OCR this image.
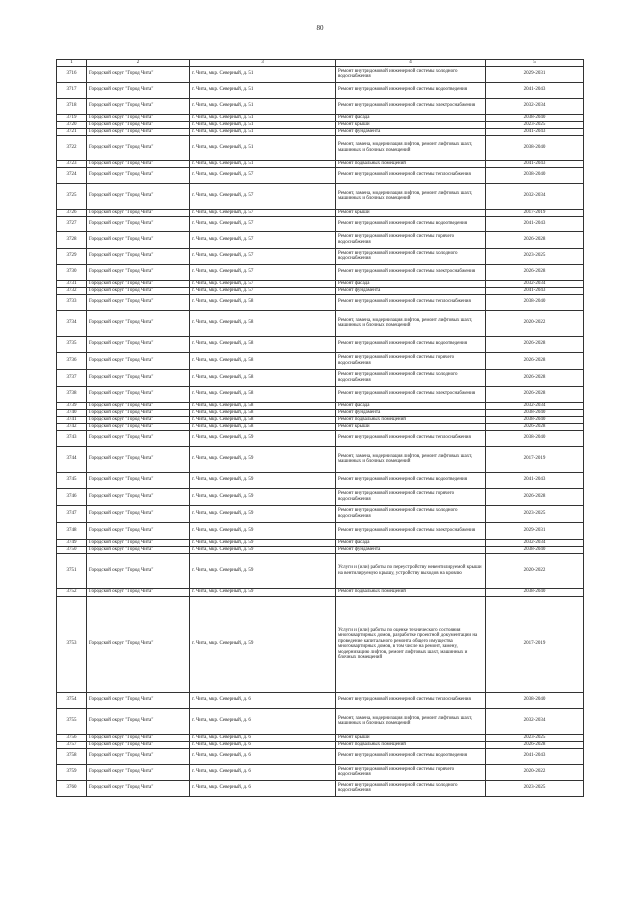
80
1	2	3	4	5
3716	Городской округ "Город Чита"	г. Чита, мкр. Северный, д. 51	Ремонт внутридомовой инженерной системы холодного водоснабжения	2029-2031
3717	Городской округ "Город Чита"	г. Чита, мкр. Северный, д. 51	Ремонт внутридомовой инженерной системы водоотведения	2041-2043
3718	Городской округ "Город Чита"	г. Чита, мкр. Северный, д. 51	Ремонт внутридомовой инженерной системы электроснабжения	2032-2034
3719	Городской округ "Город Чита"	г. Чита, мкр. Северный, д. 51	Ремонт фасада	2038-2040
3720	Городской округ "Город Чита"	г. Чита, мкр. Северный, д. 51	Ремонт крыши	2023-2025
3721	Городской округ "Город Чита"	г. Чита, мкр. Северный, д. 51	Ремонт фундамента	2041-2043
3722	Городской округ "Город Чита"	г. Чита, мкр. Северный, д. 51	Ремонт, замена, модернизация лифтов, ремонт лифтовых шахт, машинных и блочных помещений	2038-2040
3723	Городской округ "Город Чита"	г. Чита, мкр. Северный, д. 51	Ремонт подвальных помещений	2041-2043
3724	Городской округ "Город Чита"	г. Чита, мкр. Северный, д. 57	Ремонт внутридомовой инженерной системы теплоснабжения	2038-2040
3725	Городской округ "Город Чита"	г. Чита, мкр. Северный, д. 57	Ремонт, замена, модернизация лифтов, ремонт лифтовых шахт, машинных и блочных помещений	2032-2034
3726	Городской округ "Город Чита"	г. Чита, мкр. Северный, д. 57	Ремонт крыши	2017-2019
3727	Городской округ "Город Чита"	г. Чита, мкр. Северный, д. 57	Ремонт внутридомовой инженерной системы водоотведения	2041-2043
3728	Городской округ "Город Чита"	г. Чита, мкр. Северный, д. 57	Ремонт внутридомовой инженерной системы горячего водоснабжения	2026-2028
3729	Городской округ "Город Чита"	г. Чита, мкр. Северный, д. 57	Ремонт внутридомовой инженерной системы холодного водоснабжения	2023-2025
3730	Городской округ "Город Чита"	г. Чита, мкр. Северный, д. 57	Ремонт внутридомовой инженерной системы электроснабжения	2026-2028
3731	Городской округ "Город Чита"	г. Чита, мкр. Северный, д. 57	Ремонт фасада	2032-2034
3732	Городской округ "Город Чита"	г. Чита, мкр. Северный, д. 57	Ремонт фундамента	2041-2043
3733	Городской округ "Город Чита"	г. Чита, мкр. Северный, д. 58	Ремонт внутридомовой инженерной системы теплоснабжения	2038-2040
3734	Городской округ "Город Чита"	г. Чита, мкр. Северный, д. 58	Ремонт, замена, модернизация лифтов, ремонт лифтовых шахт, машинных и блочных помещений	2020-2022
3735	Городской округ "Город Чита"	г. Чита, мкр. Северный, д. 58	Ремонт внутридомовой инженерной системы водоотведения	2026-2028
3736	Городской округ "Город Чита"	г. Чита, мкр. Северный, д. 58	Ремонт внутридомовой инженерной системы горячего водоснабжения	2026-2028
3737	Городской округ "Город Чита"	г. Чита, мкр. Северный, д. 58	Ремонт внутридомовой инженерной системы холодного водоснабжения	2026-2028
3738	Городской округ "Город Чита"	г. Чита, мкр. Северный, д. 58	Ремонт внутридомовой инженерной системы электроснабжения	2026-2028
3739	Городской округ "Город Чита"	г. Чита, мкр. Северный, д. 58	Ремонт фасада	2032-2034
3740	Городской округ "Город Чита"	г. Чита, мкр. Северный, д. 58	Ремонт фундамента	2038-2040
3741	Городской округ "Город Чита"	г. Чита, мкр. Северный, д. 58	Ремонт подвальных помещений	2038-2040
3742	Городской округ "Город Чита"	г. Чита, мкр. Северный, д. 58	Ремонт крыши	2026-2028
3743	Городской округ "Город Чита"	г. Чита, мкр. Северный, д. 59	Ремонт внутридомовой инженерной системы теплоснабжения	2038-2040
3744	Городской округ "Город Чита"	г. Чита, мкр. Северный, д. 59	Ремонт, замена, модернизация лифтов, ремонт лифтовых шахт, машинных и блочных помещений	2017-2019
3745	Городской округ "Город Чита"	г. Чита, мкр. Северный, д. 59	Ремонт внутридомовой инженерной системы водоотведения	2041-2043
3746	Городской округ "Город Чита"	г. Чита, мкр. Северный, д. 59	Ремонт внутридомовой инженерной системы горячего водоснабжения	2026-2028
3747	Городской округ "Город Чита"	г. Чита, мкр. Северный, д. 59	Ремонт внутридомовой инженерной системы холодного водоснабжения	2023-2025
3748	Городской округ "Город Чита"	г. Чита, мкр. Северный, д. 59	Ремонт внутридомовой инженерной системы электроснабжения	2029-2031
3749	Городской округ "Город Чита"	г. Чита, мкр. Северный, д. 59	Ремонт фасада	2032-2034
3750	Городской округ "Город Чита"	г. Чита, мкр. Северный, д. 59	Ремонт фундамента	2038-2040
3751	Городской округ "Город Чита"	г. Чита, мкр. Северный, д. 59	Услуги и (или) работы по переустройству невентилируемой крыши на вентилируемую крышу, устройству выходов на кровлю	2020-2022
3752	Городской округ "Город Чита"	г. Чита, мкр. Северный, д. 59	Ремонт подвальных помещений	2038-2040
3753	Городской округ "Город Чита"	г. Чита, мкр. Северный, д. 59	Услуги и (или) работы по оценке технического состояния многоквартирных домов, разработке проектной документации на проведение капитального ремонта общего имущества многоквартирных домов, в том числе на ремонт, замену, модернизацию лифтов, ремонт лифтовых шахт, машинных и блочных помещений	2017-2019
3754	Городской округ "Город Чита"	г. Чита, мкр. Северный, д. 6	Ремонт внутридомовой инженерной системы теплоснабжения	2038-2040
3755	Городской округ "Город Чита"	г. Чита, мкр. Северный, д. 6	Ремонт, замена, модернизация лифтов, ремонт лифтовых шахт, машинных и блочных помещений	2032-2034
3756	Городской округ "Город Чита"	г. Чита, мкр. Северный, д. 6	Ремонт крыши	2023-2025
3757	Городской округ "Город Чита"	г. Чита, мкр. Северный, д. 6	Ремонт подвальных помещений	2026-2028
3758	Городской округ "Город Чита"	г. Чита, мкр. Северный, д. 6	Ремонт внутридомовой инженерной системы водоотведения	2041-2043
3759	Городской округ "Город Чита"	г. Чита, мкр. Северный, д. 6	Ремонт внутридомовой инженерной системы горячего водоснабжения	2020-2022
3760	Городской округ "Город Чита"	г. Чита, мкр. Северный, д. 6	Ремонт внутридомовой инженерной системы холодного водоснабжения	2023-2025
